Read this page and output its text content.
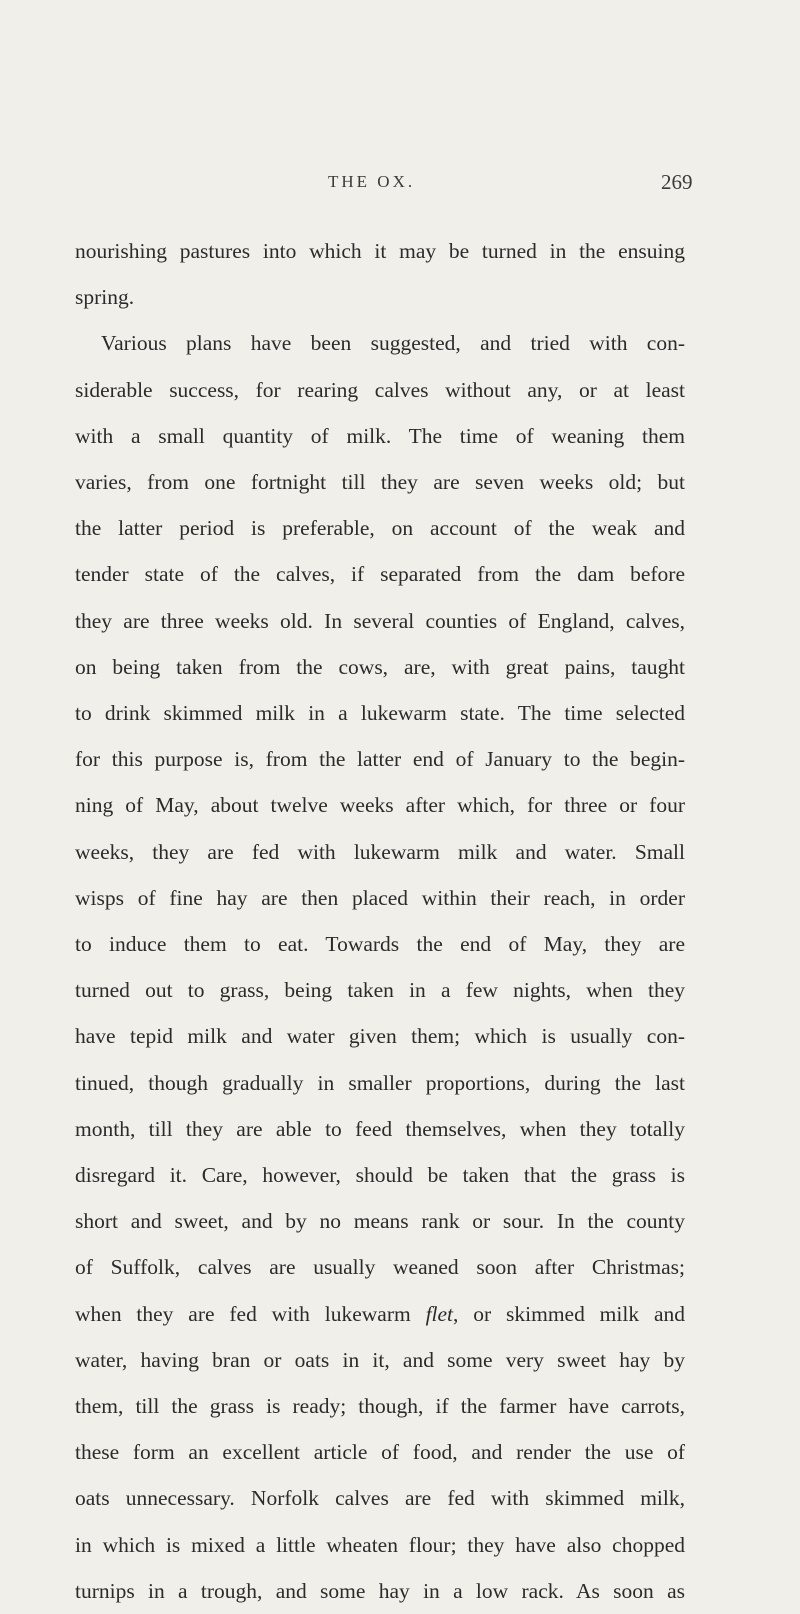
THE OX.	269
nourishing pastures into which it may be turned in the ensuing
spring.
Various plans have been suggested, and tried with con-
siderable success, for rearing calves without any, or at least
with a small quantity of milk. The time of weaning them
varies, from one fortnight till they are seven weeks old; but
the latter period is preferable, on account of the weak and
tender state of the calves, if separated from the dam before
they are three weeks old. In several counties of England, calves,
on being taken from the cows, are, with great pains, taught
to drink skimmed milk in a lukewarm state. The time selected
for this purpose is, from the latter end of January to the begin-
ning of May, about twelve weeks after which, for three or four
weeks, they are fed with lukewarm milk and water. Small
wisps of fine hay are then placed within their reach, in order
to induce them to eat. Towards the end of May, they are
turned out to grass, being taken in a few nights, when they
have tepid milk and water given them; which is usually con-
tinued, though gradually in smaller proportions, during the last
month, till they are able to feed themselves, when they totally
disregard it. Care, however, should be taken that the grass is
short and sweet, and by no means rank or sour. In the county
of Suffolk, calves are usually weaned soon after Christmas;
when they are fed with lukewarm flet, or skimmed milk and
water, having bran or oats in it, and some very sweet hay by
them, till the grass is ready; though, if the farmer have carrots,
these form an excellent article of food, and render the use of
oats unnecessary. Norfolk calves are fed with skimmed milk,
in which is mixed a little wheaten flour; they have also chopped
turnips in a trough, and some hay in a low rack. As soon as
